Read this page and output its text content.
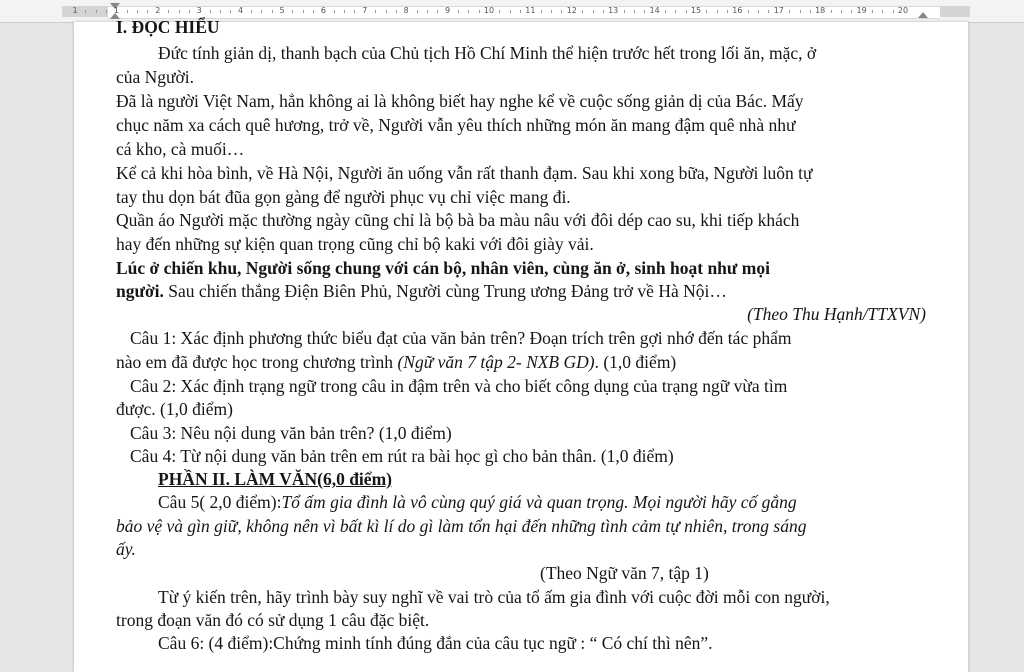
1	1	2	3	4	5	6	7	8	9	10	11	12	13	14	15	16	17	18	19	20
I. ĐỌC HIỂU
Đức tính giản dị, thanh bạch của Chủ tịch Hồ Chí Minh thể hiện trước hết trong lối ăn, mặc, ở
của Người.
Đã là người Việt Nam, hẳn không ai là không biết hay nghe kể về cuộc sống giản dị của Bác. Mấy
chục năm xa cách quê hương, trở về, Người vẫn yêu thích những món ăn mang đậm quê nhà như
cá kho, cà muối…
Kể cả khi hòa bình, về Hà Nội, Người ăn uống vẫn rất thanh đạm. Sau khi xong bữa, Người luôn tự
tay thu dọn bát đũa gọn gàng để người phục vụ chỉ việc mang đi.
Quần áo Người mặc thường ngày cũng chỉ là bộ bà ba màu nâu với đôi dép cao su, khi tiếp khách
hay đến những sự kiện quan trọng cũng chỉ bộ kaki với đôi giày vải.
Lúc ở chiến khu, Người sống chung với cán bộ, nhân viên, cùng ăn ở, sinh hoạt như mọi
người. Sau chiến thắng Điện Biên Phủ, Người cùng Trung ương Đảng trở về Hà Nội…
(Theo Thu Hạnh/TTXVN)
Câu 1: Xác định phương thức biểu đạt của văn bản trên? Đoạn trích trên gợi nhớ đến tác phẩm
nào em đã được học trong chương trình (Ngữ văn 7 tập 2- NXB GD). (1,0 điểm)
Câu 2: Xác định trạng ngữ trong câu in đậm trên và cho biết công dụng của trạng ngữ vừa tìm
được. (1,0 điểm)
Câu 3: Nêu nội dung văn bản trên? (1,0 điểm)
Câu 4: Từ nội dung văn bản trên em rút ra bài học gì cho bản thân. (1,0 điểm)
PHẦN II. LÀM VĂN(6,0 điểm)
Câu 5( 2,0 điểm):Tổ ấm gia đình là vô cùng quý giá và quan trọng. Mọi người hãy cố gắng
bảo vệ và gìn giữ, không nên vì bất kì lí do gì làm tổn hại đến những tình cảm tự nhiên, trong sáng
ấy.
(Theo Ngữ văn 7, tập 1)
Từ ý kiến trên, hãy trình bày suy nghĩ về vai trò của tổ ấm gia đình với cuộc đời mỗi con người,
trong đoạn văn đó có sử dụng 1 câu đặc biệt.
Câu 6: (4 điểm):Chứng minh tính đúng đắn của câu tục ngữ : “ Có chí thì nên”.
